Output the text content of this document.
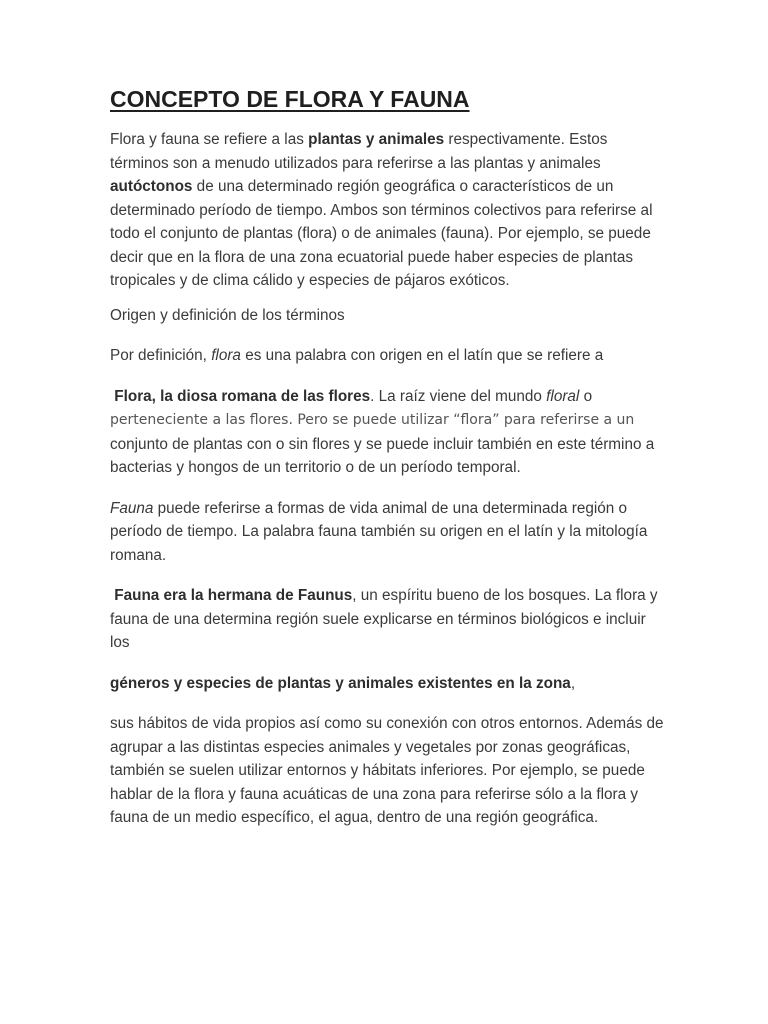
CONCEPTO DE FLORA Y FAUNA

Flora y fauna se refiere a las plantas y animales respectivamente. Estos términos son a menudo utilizados para referirse a las plantas y animales autóctonos de una determinado región geográfica o característicos de un determinado período de tiempo. Ambos son términos colectivos para referirse al todo el conjunto de plantas (flora) o de animales (fauna). Por ejemplo, se puede decir que en la flora de una zona ecuatorial puede haber especies de plantas tropicales y de clima cálido y especies de pájaros exóticos.

Origen y definición de los términos

Por definición, flora es una palabra con origen en el latín que se refiere a

Flora, la diosa romana de las flores. La raíz viene del mundo floral o
perteneciente a las flores. Pero se puede utilizar “flora” para referirse a un
conjunto de plantas con o sin flores y se puede incluir también en este término a bacterias y hongos de un territorio o de un período temporal.

Fauna puede referirse a formas de vida animal de una determinada región o período de tiempo. La palabra fauna también su origen en el latín y la mitología romana.

Fauna era la hermana de Faunus, un espíritu bueno de los bosques. La flora y fauna de una determina región suele explicarse en términos biológicos e incluir los

géneros y especies de plantas y animales existentes en la zona,

sus hábitos de vida propios así como su conexión con otros entornos. Además de agrupar a las distintas especies animales y vegetales por zonas geográficas, también se suelen utilizar entornos y hábitats inferiores. Por ejemplo, se puede hablar de la flora y fauna acuáticas de una zona para referirse sólo a la flora y fauna de un medio específico, el agua, dentro de una región geográfica.
